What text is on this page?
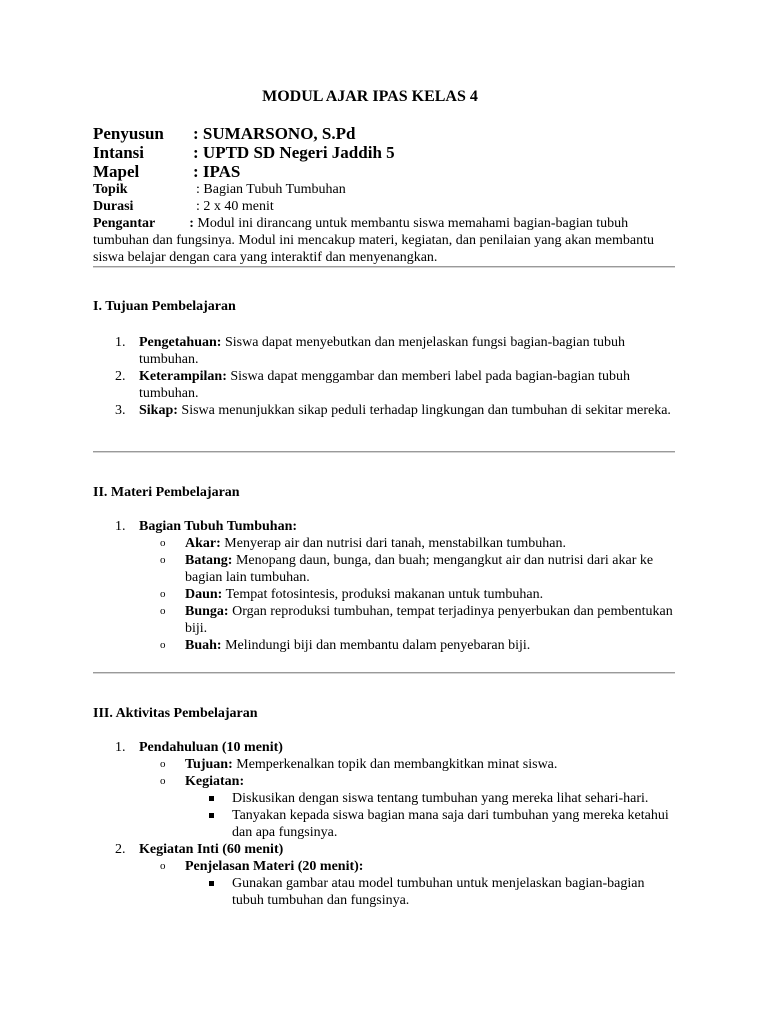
MODUL AJAR IPAS KELAS 4
Penyusun : SUMARSONO, S.Pd
Intansi	: UPTD SD Negeri Jaddih 5
Mapel	: IPAS
Topik	: Bagian Tubuh Tumbuhan
Durasi	: 2 x 40 menit
Pengantar : Modul ini dirancang untuk membantu siswa memahami bagian-bagian tubuh tumbuhan dan fungsinya. Modul ini mencakup materi, kegiatan, dan penilaian yang akan membantu siswa belajar dengan cara yang interaktif dan menyenangkan.
I. Tujuan Pembelajaran
1. Pengetahuan: Siswa dapat menyebutkan dan menjelaskan fungsi bagian-bagian tubuh tumbuhan.
2. Keterampilan: Siswa dapat menggambar dan memberi label pada bagian-bagian tubuh tumbuhan.
3. Sikap: Siswa menunjukkan sikap peduli terhadap lingkungan dan tumbuhan di sekitar mereka.
II. Materi Pembelajaran
1. Bagian Tubuh Tumbuhan:
o Akar: Menyerap air dan nutrisi dari tanah, menstabilkan tumbuhan.
o Batang: Menopang daun, bunga, dan buah; mengangkut air dan nutrisi dari akar ke bagian lain tumbuhan.
o Daun: Tempat fotosintesis, produksi makanan untuk tumbuhan.
o Bunga: Organ reproduksi tumbuhan, tempat terjadinya penyerbukan dan pembentukan biji.
o Buah: Melindungi biji dan membantu dalam penyebaran biji.
III. Aktivitas Pembelajaran
1. Pendahuluan (10 menit)
o Tujuan: Memperkenalkan topik dan membangkitkan minat siswa.
o Kegiatan:
Diskusikan dengan siswa tentang tumbuhan yang mereka lihat sehari-hari.
Tanyakan kepada siswa bagian mana saja dari tumbuhan yang mereka ketahui dan apa fungsinya.
2. Kegiatan Inti (60 menit)
o Penjelasan Materi (20 menit):
Gunakan gambar atau model tumbuhan untuk menjelaskan bagian-bagian tubuh tumbuhan dan fungsinya.
